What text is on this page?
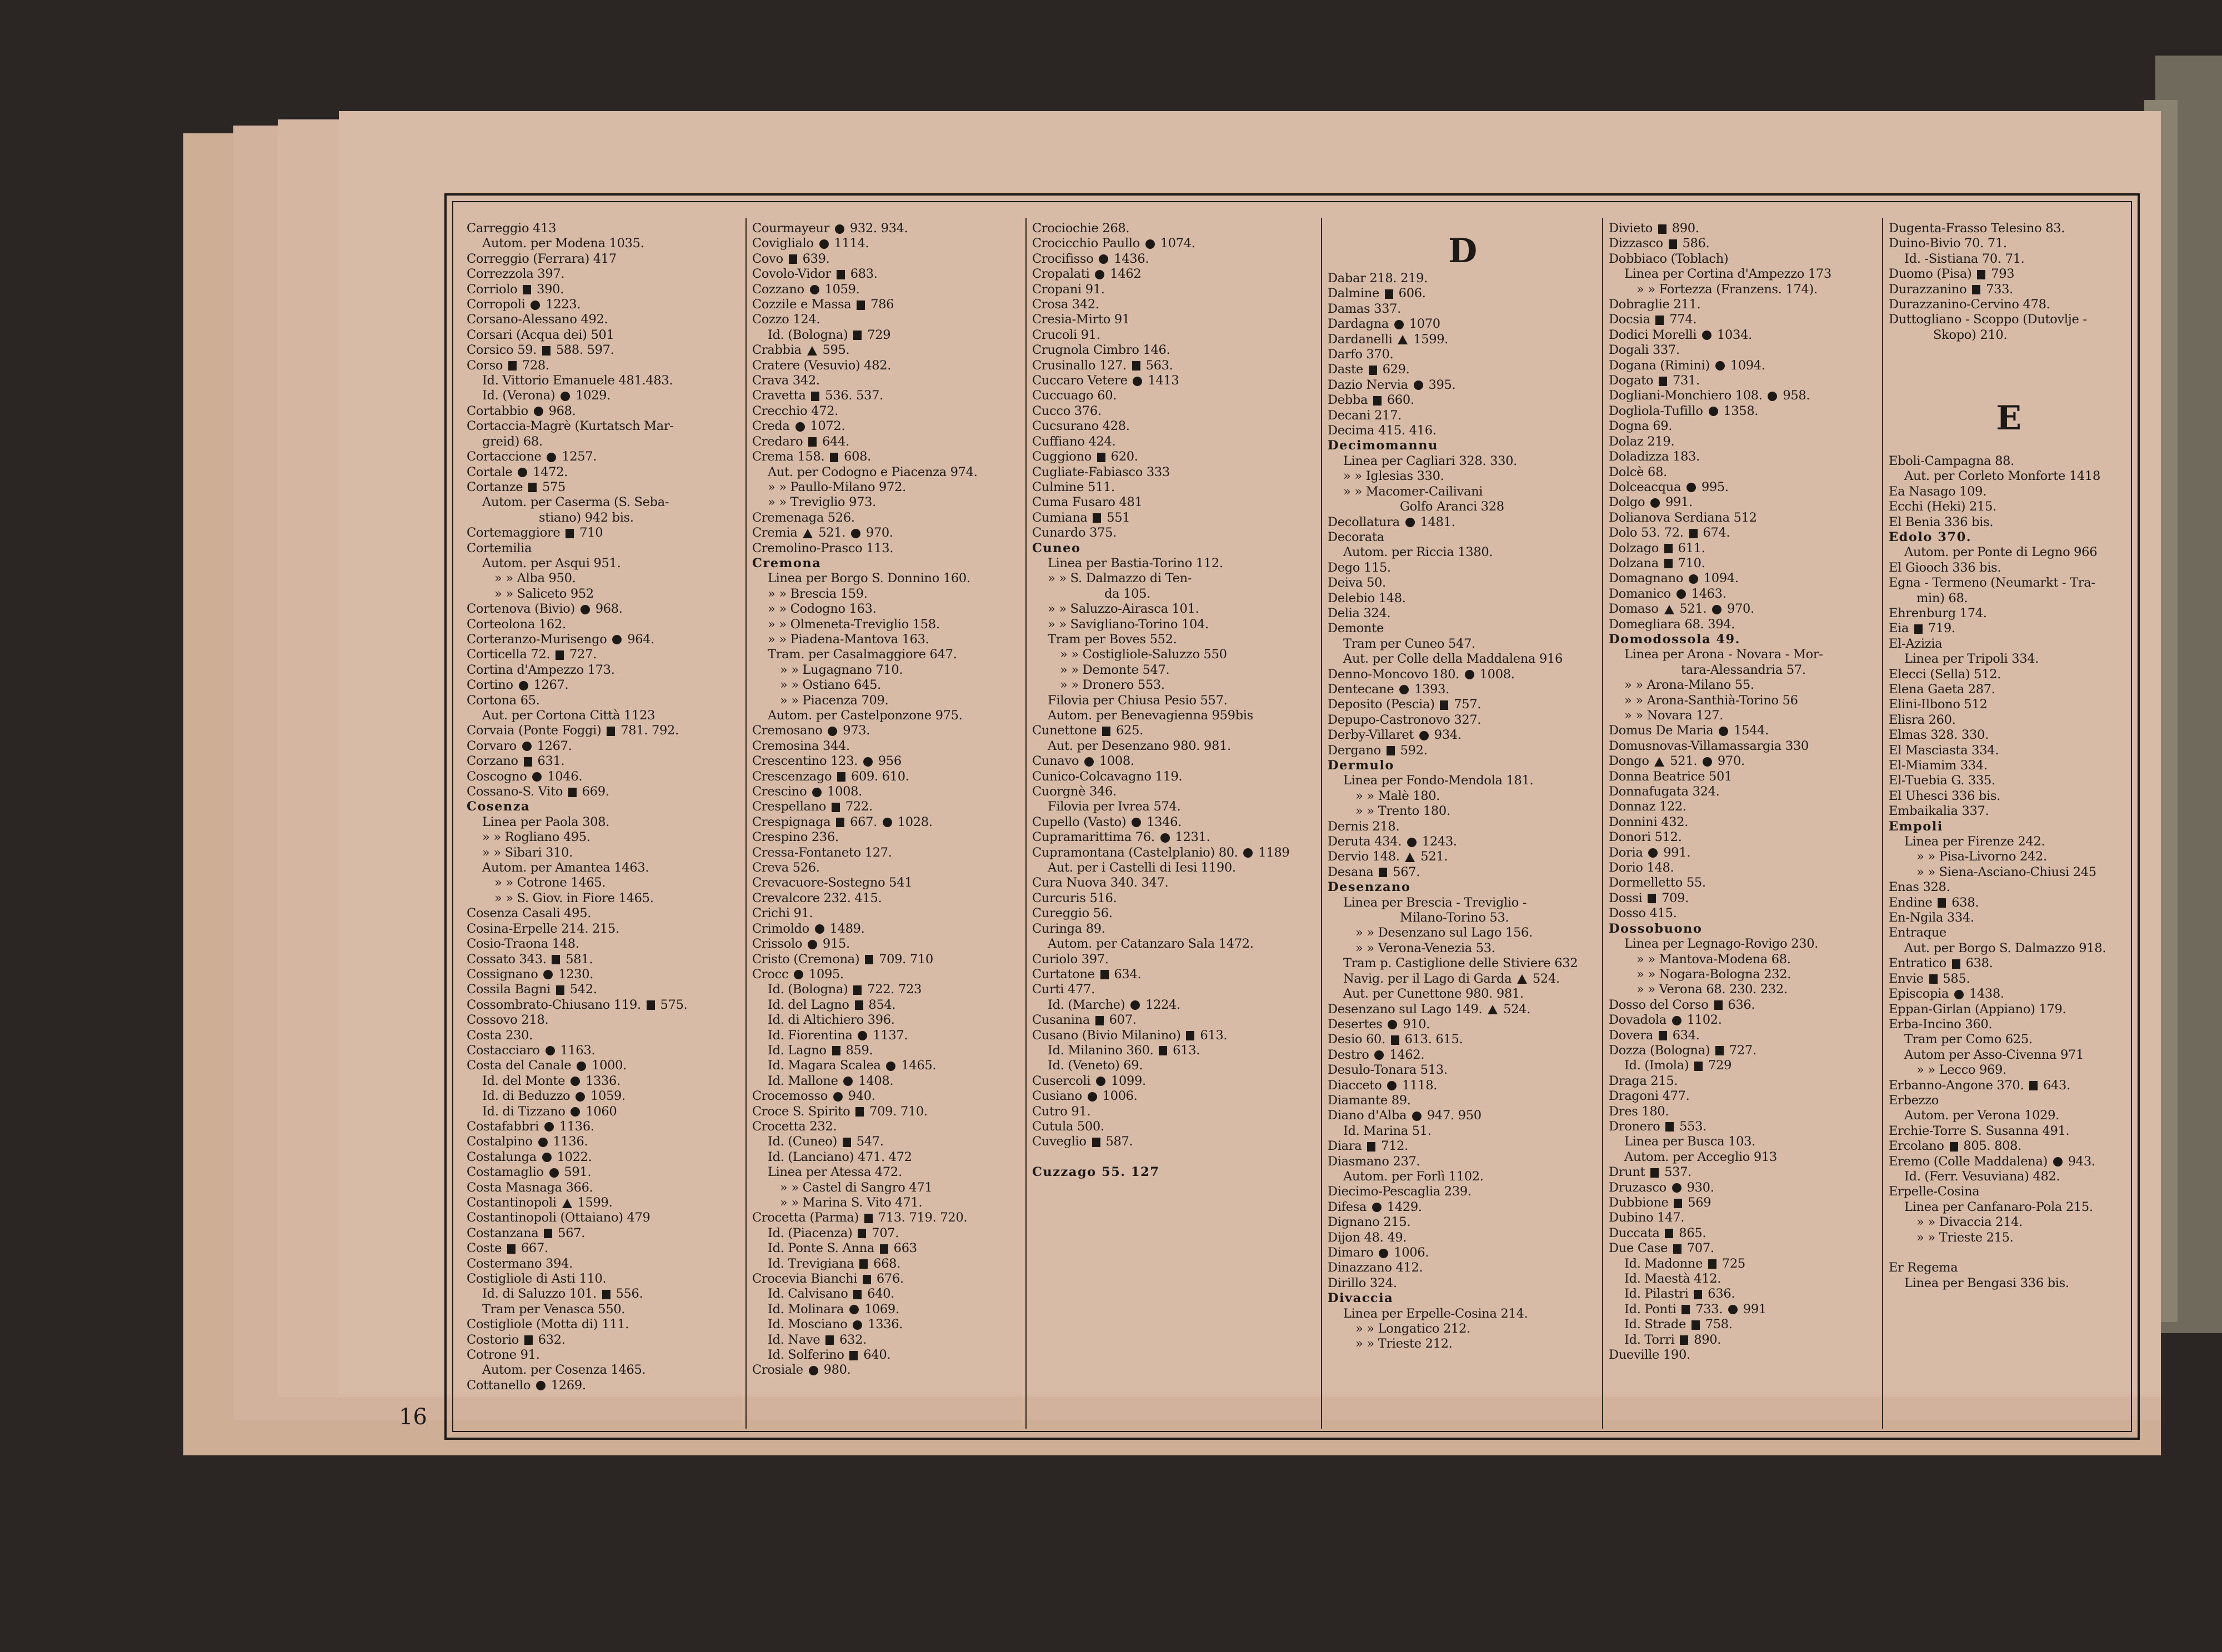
16
Carreggio 413
Autom. per Modena 1035.
Correggio (Ferrara) 417
Correzzola 397.
Corriolo 390.
Corropoli 1223.
Corsano-Alessano 492.
Corsari (Acqua dei) 501
Corsico 59. 588. 597.
Corso 728.
Id. Vittorio Emanuele 481.483.
Id. (Verona) 1029.
Cortabbio 968.
Cortaccia-Magrè (Kurtatsch Mar-
greid) 68.
Cortaccione 1257.
Cortale 1472.
Cortanze 575
Autom. per Caserma (S. Seba-
stiano) 942 bis.
Cortemaggiore 710
Cortemilia
Autom. per Asqui 951.
» » Alba 950.
» » Saliceto 952
Cortenova (Bivio) 968.
Corteolona 162.
Corteranzo-Murisengo 964.
Corticella 72. 727.
Cortina d'Ampezzo 173.
Cortino 1267.
Cortona 65.
Aut. per Cortona Città 1123
Corvaia (Ponte Foggi) 781. 792.
Corvaro 1267.
Corzano 631.
Coscogno 1046.
Cossano-S. Vito 669.
Cosenza
Linea per Paola 308.
» » Rogliano 495.
» » Sibari 310.
Autom. per Amantea 1463.
» » Cotrone 1465.
» » S. Giov. in Fiore 1465.
Cosenza Casali 495.
Cosina-Erpelle 214. 215.
Cosio-Traona 148.
Cossato 343. 581.
Cossignano 1230.
Cossila Bagni 542.
Cossombrato-Chiusano 119. 575.
Cossovo 218.
Costa 230.
Costacciaro 1163.
Costa del Canale 1000.
Id. del Monte 1336.
Id. di Beduzzo 1059.
Id. di Tizzano 1060
Costafabbri 1136.
Costalpino 1136.
Costalunga 1022.
Costamaglio 591.
Costa Masnaga 366.
Costantinopoli 1599.
Costantinopoli (Ottaiano) 479
Costanzana 567.
Coste 667.
Costermano 394.
Costigliole di Asti 110.
Id. di Saluzzo 101. 556.
Tram per Venasca 550.
Costigliole (Motta di) 111.
Costorio 632.
Cotrone 91.
Autom. per Cosenza 1465.
Cottanello 1269.
Courmayeur 932. 934.
Coviglialo 1114.
Covo 639.
Covolo-Vidor 683.
Cozzano 1059.
Cozzile e Massa 786
Cozzo 124.
Id. (Bologna) 729
Crabbia 595.
Cratere (Vesuvio) 482.
Crava 342.
Cravetta 536. 537.
Crecchio 472.
Creda 1072.
Credaro 644.
Crema 158. 608.
Aut. per Codogno e Piacenza 974.
» » Paullo-Milano 972.
» » Treviglio 973.
Cremenaga 526.
Cremia 521. 970.
Cremolino-Prasco 113.
Cremona
Linea per Borgo S. Donnino 160.
» » Brescia 159.
» » Codogno 163.
» » Olmeneta-Treviglio 158.
» » Piadena-Mantova 163.
Tram. per Casalmaggiore 647.
» » Lugagnano 710.
» » Ostiano 645.
» » Piacenza 709.
Autom. per Castelponzone 975.
Cremosano 973.
Cremosina 344.
Crescentino 123. 956
Crescenzago 609. 610.
Crescino 1008.
Crespellano 722.
Crespignaga 667. 1028.
Crespino 236.
Cressa-Fontaneto 127.
Creva 526.
Crevacuore-Sostegno 541
Crevalcore 232. 415.
Crichi 91.
Crimoldo 1489.
Crissolo 915.
Cristo (Cremona) 709. 710
Crocc 1095.
Id. (Bologna) 722. 723
Id. del Lagno 854.
Id. di Altichiero 396.
Id. Fiorentina 1137.
Id. Lagno 859.
Id. Magara Scalea 1465.
Id. Mallone 1408.
Crocemosso 940.
Croce S. Spirito 709. 710.
Crocetta 232.
Id. (Cuneo) 547.
Id. (Lanciano) 471. 472
Linea per Atessa 472.
» » Castel di Sangro 471
» » Marina S. Vito 471.
Crocetta (Parma) 713. 719. 720.
Id. (Piacenza) 707.
Id. Ponte S. Anna 663
Id. Trevigiana 668.
Crocevia Bianchi 676.
Id. Calvisano 640.
Id. Molinara 1069.
Id. Mosciano 1336.
Id. Nave 632.
Id. Solferino 640.
Crosiale 980.
Crociochie 268.
Crocicchio Paullo 1074.
Crocifisso 1436.
Cropalati 1462
Cropani 91.
Crosa 342.
Cresia-Mirto 91
Crucoli 91.
Crugnola Cimbro 146.
Crusinallo 127. 563.
Cuccaro Vetere 1413
Cuccuago 60.
Cucco 376.
Cucsurano 428.
Cuffiano 424.
Cuggiono 620.
Cugliate-Fabiasco 333
Culmine 511.
Cuma Fusaro 481
Cumiana 551
Cunardo 375.
Cuneo
Linea per Bastia-Torino 112.
» » S. Dalmazzo di Ten-
da 105.
» » Saluzzo-Airasca 101.
» » Savigliano-Torino 104.
Tram per Boves 552.
» » Costigliole-Saluzzo 550
» » Demonte 547.
» » Dronero 553.
Filovia per Chiusa Pesio 557.
Autom. per Benevagienna 959bis
Cunettone 625.
Aut. per Desenzano 980. 981.
Cunavo 1008.
Cunico-Colcavagno 119.
Cuorgnè 346.
Filovia per Ivrea 574.
Cupello (Vasto) 1346.
Cupramarittima 76. 1231.
Cupramontana (Castelplanio) 80. 1189
Aut. per i Castelli di Iesi 1190.
Cura Nuova 340. 347.
Curcuris 516.
Cureggio 56.
Curinga 89.
Autom. per Catanzaro Sala 1472.
Curiolo 397.
Curtatone 634.
Curti 477.
Id. (Marche) 1224.
Cusanina 607.
Cusano (Bivio Milanino) 613.
Id. Milanino 360. 613.
Id. (Veneto) 69.
Cusercoli 1099.
Cusiano 1006.
Cutro 91.
Cutula 500.
Cuveglio 587.

Cuzzago 55. 127
D
Dabar 218. 219.
Dalmine 606.
Damas 337.
Dardagna 1070
Dardanelli 1599.
Darfo 370.
Daste 629.
Dazio Nervia 395.
Debba 660.
Decani 217.
Decima 415. 416.
Decimomannu
Linea per Cagliari 328. 330.
» » Iglesias 330.
» » Macomer-Cailivani
Golfo Aranci 328
Decollatura 1481.
Decorata
Autom. per Riccia 1380.
Dego 115.
Deiva 50.
Delebio 148.
Delia 324.
Demonte
Tram per Cuneo 547.
Aut. per Colle della Maddalena 916
Denno-Moncovo 180. 1008.
Dentecane 1393.
Deposito (Pescia) 757.
Depupo-Castronovo 327.
Derby-Villaret 934.
Dergano 592.
Dermulo
Linea per Fondo-Mendola 181.
» » Malè 180.
» » Trento 180.
Dernis 218.
Deruta 434. 1243.
Dervio 148. 521.
Desana 567.
Desenzano
Linea per Brescia - Treviglio -
Milano-Torino 53.
» » Desenzano sul Lago 156.
» » Verona-Venezia 53.
Tram p. Castiglione delle Stiviere 632
Navig. per il Lago di Garda 524.
Aut. per Cunettone 980. 981.
Desenzano sul Lago 149. 524.
Desertes 910.
Desio 60. 613. 615.
Destro 1462.
Desulo-Tonara 513.
Diacceto 1118.
Diamante 89.
Diano d'Alba 947. 950
Id. Marina 51.
Diara 712.
Diasmano 237.
Autom. per Forlì 1102.
Diecimo-Pescaglia 239.
Difesa 1429.
Dignano 215.
Dijon 48. 49.
Dimaro 1006.
Dinazzano 412.
Dirillo 324.
Divaccia
Linea per Erpelle-Cosina 214.
» » Longatico 212.
» » Trieste 212.
Divieto 890.
Dizzasco 586.
Dobbiaco (Toblach)
Linea per Cortina d'Ampezzo 173
» » Fortezza (Franzens. 174).
Dobraglie 211.
Docsia 774.
Dodici Morelli 1034.
Dogali 337.
Dogana (Rimini) 1094.
Dogato 731.
Dogliani-Monchiero 108. 958.
Dogliola-Tufillo 1358.
Dogna 69.
Dolaz 219.
Doladizza 183.
Dolcè 68.
Dolceacqua 995.
Dolgo 991.
Dolianova Serdiana 512
Dolo 53. 72. 674.
Dolzago 611.
Dolzana 710.
Domagnano 1094.
Domanico 1463.
Domaso 521. 970.
Domegliara 68. 394.
Domodossola 49.
Linea per Arona - Novara - Mor-
tara-Alessandria 57.
» » Arona-Milano 55.
» » Arona-Santhià-Torino 56
» » Novara 127.
Domus De Maria 1544.
Domusnovas-Villamassargia 330
Dongo 521. 970.
Donna Beatrice 501
Donnafugata 324.
Donnaz 122.
Donnini 432.
Donori 512.
Doria 991.
Dorio 148.
Dormelletto 55.
Dossi 709.
Dosso 415.
Dossobuono
Linea per Legnago-Rovigo 230.
» » Mantova-Modena 68.
» » Nogara-Bologna 232.
» » Verona 68. 230. 232.
Dosso del Corso 636.
Dovadola 1102.
Dovera 634.
Dozza (Bologna) 727.
Id. (Imola) 729
Draga 215.
Dragoni 477.
Dres 180.
Dronero 553.
Linea per Busca 103.
Autom. per Acceglio 913
Drunt 537.
Druzasco 930.
Dubbione 569
Dubino 147.
Duccata 865.
Due Case 707.
Id. Madonne 725
Id. Maestà 412.
Id. Pilastri 636.
Id. Ponti 733. 991
Id. Strade 758.
Id. Torri 890.
Dueville 190.
Dugenta-Frasso Telesino 83.
Duino-Bivio 70. 71.
Id. -Sistiana 70. 71.
Duomo (Pisa) 793
Durazzanino 733.
Durazzanino-Cervino 478.
Duttogliano - Scoppo (Dutovlje -
Skopo) 210.

E

Eboli-Campagna 88.
Aut. per Corleto Monforte 1418
Ea Nasago 109.
Ecchi (Heki) 215.
El Benia 336 bis.
Edolo 370.
Autom. per Ponte di Legno 966
El Giooch 336 bis.
Egna - Termeno (Neumarkt - Tra-
min) 68.
Ehrenburg 174.
Eia 719.
El-Aziziа
Linea per Tripoli 334.
Elecci (Sella) 512.
Elena Gaeta 287.
Elini-Ilbono 512
Elisra 260.
Elmas 328. 330.
El Masciasta 334.
El-Miamim 334.
El-Tuebia G. 335.
El Uhesci 336 bis.
Embaikalia 337.
Empoli
Linea per Firenze 242.
» » Pisa-Livorno 242.
» » Siena-Asciano-Chiusi 245
Enas 328.
Endine 638.
En-Ngila 334.
Entraque
Aut. per Borgo S. Dalmazzo 918.
Entratico 638.
Envie 585.
Episcopia 1438.
Eppan-Girlan (Appiano) 179.
Erba-Incino 360.
Tram per Como 625.
Autom per Asso-Civenna 971
» » Lecco 969.
Erbanno-Angone 370. 643.
Erbezzo
Autom. per Verona 1029.
Erchie-Torre S. Susanna 491.
Ercolano 805. 808.
Eremo (Colle Maddalena) 943.
Id. (Ferr. Vesuviana) 482.
Erpelle-Cosina
Linea per Canfanaro-Pola 215.
» » Divaccia 214.
» » Trieste 215.

Er Regema
Linea per Bengasi 336 bis.
